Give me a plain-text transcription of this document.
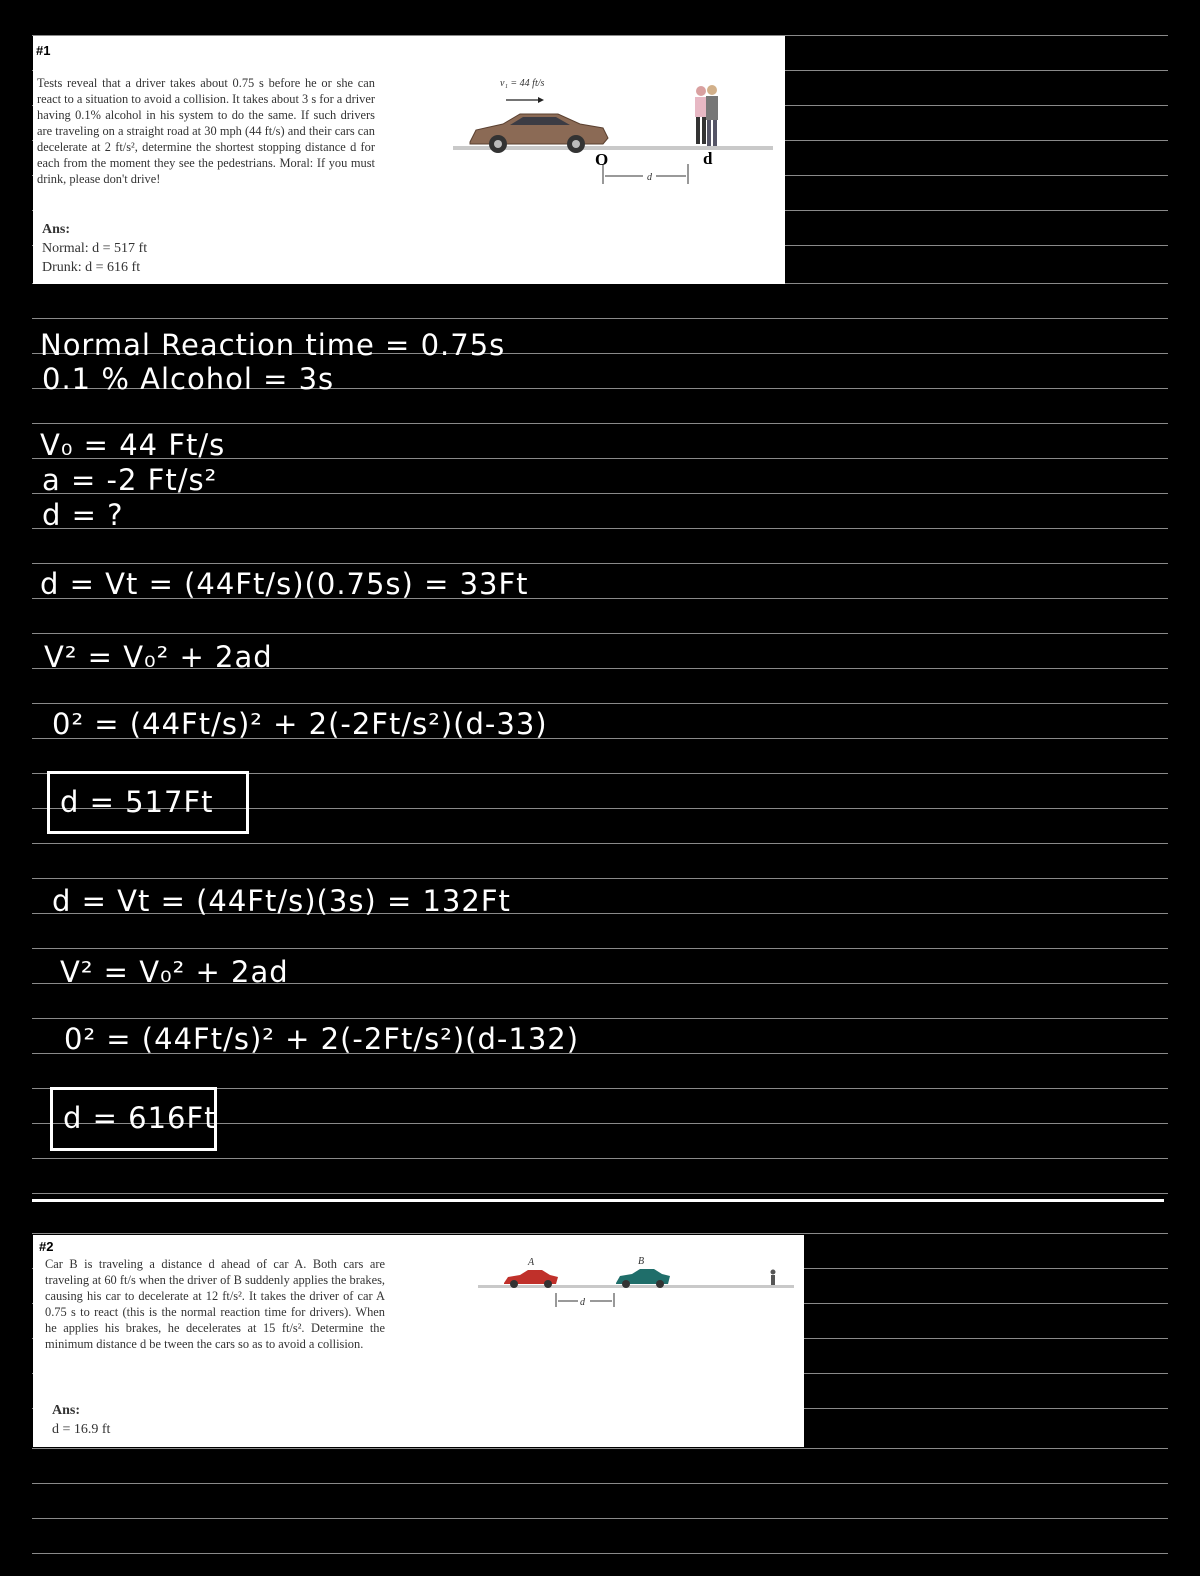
#1
Tests reveal that a driver takes about 0.75 s before he or she can react to a situation to avoid a collision. It takes about 3 s for a driver having 0.1% alcohol in his system to do the same. If such drivers are traveling on a straight road at 30 mph (44 ft/s) and their cars can decelerate at 2 ft/s², determine the shortest stopping distance d for each from the moment they see the pedestrians. Moral: If you must drink, please don't drive!
Ans:
Normal: d = 517 ft
Drunk: d = 616 ft
v₁ = 44 ft/s
d
O	d
Normal Reaction time = 0.75s
0.1 % Alcohol = 3s
V₀ = 44 Ft/s
a = -2 Ft/s²
d = ?
d = Vt = (44Ft/s)(0.75s) = 33Ft
V² = V₀² + 2ad
0² = (44Ft/s)² + 2(-2Ft/s²)(d-33)
d = 517Ft
d = Vt = (44Ft/s)(3s) = 132Ft
V² = V₀² + 2ad
0² = (44Ft/s)² + 2(-2Ft/s²)(d-132)
d = 616Ft
#2
Car B is traveling a distance d ahead of car A. Both cars are traveling at 60 ft/s when the driver of B suddenly applies the brakes, causing his car to decelerate at 12 ft/s². It takes the driver of car A 0.75 s to react (this is the normal reaction time for drivers). When he applies his brakes, he decelerates at 15 ft/s². Determine the minimum distance d be tween the cars so as to avoid a collision.
Ans:
d = 16.9 ft
A	B
d
